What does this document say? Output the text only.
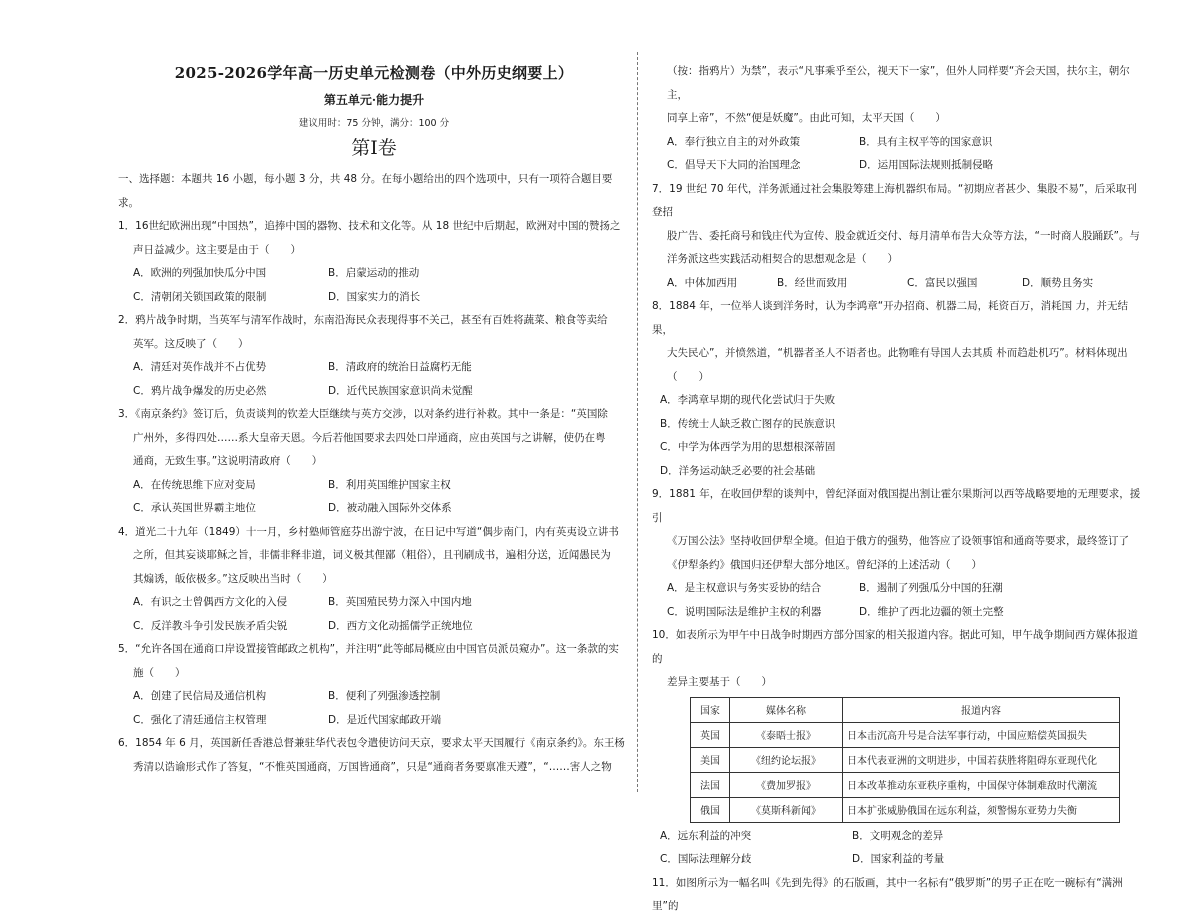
2025-2026学年高一历史单元检测卷（中外历史纲要上）
第五单元·能力提升
建议用时：75 分钟，满分：100 分
第Ⅰ卷

一、选择题：本题共 16 小题，每小题 3 分，共 48 分。在每小题给出的四个选项中，只有一项符合题目要

求。

1．16世纪欧洲出现“中国热”，追捧中国的器物、技术和文化等。从 18 世纪中后期起，欧洲对中国的赞扬之

声日益减少。这主要是由于（　　）

A．欧洲的列强加快瓜分中国	B．启蒙运动的推动
C．清朝闭关锁国政策的限制	D．国家实力的消长

2．鸦片战争时期，当英军与清军作战时，东南沿海民众表现得事不关己，甚至有百姓将蔬菜、粮食等卖给

英军。这反映了（　　）

A．清廷对英作战并不占优势	B．清政府的统治日益腐朽无能
C．鸦片战争爆发的历史必然	D．近代民族国家意识尚未觉醒

3．《南京条约》签订后，负责谈判的钦差大臣继续与英方交涉，以对条约进行补救。其中一条是：“英国除

广州外，多得四处……系大皇帝天恩。今后若他国要求去四处口岸通商，应由英国与之讲解，使仍在粤

通商，无致生事。”这说明清政府（　　）

A．在传统思维下应对变局	B．利用英国维护国家主权
C．承认英国世界霸主地位	D．被动融入国际外交体系

4．道光二十九年（1849）十一月，乡村塾师管庭芬出游宁波，在日记中写道“偶步南门，内有英夷设立讲书

之所，但其妄谈耶稣之旨，非儒非释非道，词义极其俚鄙（粗俗），且刊刷成书，遍相分送，近闻愚民为

其煽诱，皈依极多。”这反映出当时（　　）

A．有识之士曾偶西方文化的入侵	B．英国殖民势力深入中国内地
C．反洋教斗争引发民族矛盾尖锐	D．西方文化动摇儒学正统地位

5．“允许各国在通商口岸设置接管邮政之机构”，并注明“此等邮局概应由中国官员派员窥办”。这一条款的实

施（　　）

A．创建了民信局及通信机构	B．便利了列强渗透控制
C．强化了清廷通信主权管理	D．是近代国家邮政开端

6．1854 年 6 月，英国新任香港总督兼驻华代表包令遣使访问天京，要求太平天国履行《南京条约》。东王杨

秀清以诰谕形式作了答复，“不惟英国通商，万国皆通商”，只是“通商者务要禀准天遵”，“……害人之物

（按：指鸦片）为禁”，表示“凡事乘乎至公，视天下一家”，但外人同样要“齐会天国，扶尔主，朝尔主，

同享上帝”，不然“便是妖魔”。由此可知，太平天国（　　）

A．奉行独立自主的对外政策	B．具有主权平等的国家意识
C．倡导天下大同的治国理念	D．运用国际法规则抵制侵略

7．19 世纪 70 年代，洋务派通过社会集股筹建上海机器织布局。“初期应者甚少、集股不易”，后采取刊登招

股广告、委托商号和钱庄代为宣传、股金就近交付、每月清单布告大众等方法，“一时商人股踊跃”。与

洋务派这些实践活动相契合的思想观念是（　　）

A．中体加西用	B．经世而致用	C．富民以强国	D．顺势且务实

8．1884 年，一位举人谈到洋务时，认为李鸿章“开办招商、机器二局，耗资百万，消耗国 力，并无结果，

大失民心”，并愤然道，“机器者圣人不语者也。此物唯有导国人去其质 朴而趋赴机巧”。材料体现出

（　　）

A．李鸿章早期的现代化尝试归于失败
B．传统士人缺乏救亡图存的民族意识
C．中学为体西学为用的思想根深蒂固
D．洋务运动缺乏必要的社会基础

9．1881 年，在收回伊犁的谈判中，曾纪泽面对俄国提出割让霍尔果斯河以西等战略要地的无理要求，援引

《万国公法》坚持收回伊犁全境。但迫于俄方的强势，他答应了设领事馆和通商等要求，最终签订了

《伊犁条约》俄国归还伊犁大部分地区。曾纪泽的上述活动（　　）

A．是主权意识与务实妥协的结合	B．遏制了列强瓜分中国的狂潮
C．说明国际法是维护主权的利器	D．维护了西北边疆的领土完整

10．如表所示为甲午中日战争时期西方部分国家的相关报道内容。据此可知，甲午战争期间西方媒体报道的

差异主要基于（　　）

国家	媒体名称	报道内容
英国	《泰晤士报》	日本击沉高升号是合法军事行动，中国应赔偿英国损失
美国	《纽约论坛报》	日本代表亚洲的文明进步，中国若获胜将阻碍东亚现代化
法国	《费加罗报》	日本改革推动东亚秩序重构，中国保守体制难敌时代潮流
俄国	《莫斯科新闻》	日本扩张威胁俄国在远东利益，须警惕东亚势力失衡
A．远东利益的冲突	B．文明观念的差异
C．国际法理解分歧	D．国家利益的考量

11．如图所示为一幅名叫《先到先得》的石版画，其中一名标有“俄罗斯”的男子正在吃一碗标有“满洲里”的
